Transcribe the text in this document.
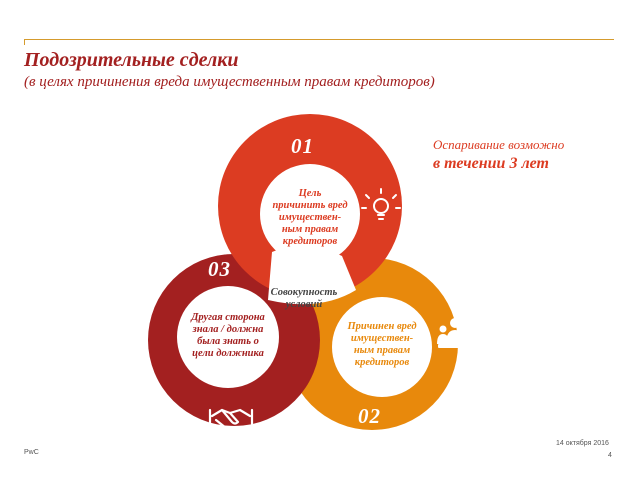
Подозрительные сделки
(в целях причинения вреда имущественным правам кредиторов)
Оспаривание возможно
в течении 3 лет
01
02
03
Цель
причинить вред
имуществен-
ным правам
кредиторов
Причинен вред
имуществен-
ным правам
кредиторов
Другая сторона
знала / должна
была знать о
цели должника
Совокупность
условий
PwC
14 октября 2016
4
